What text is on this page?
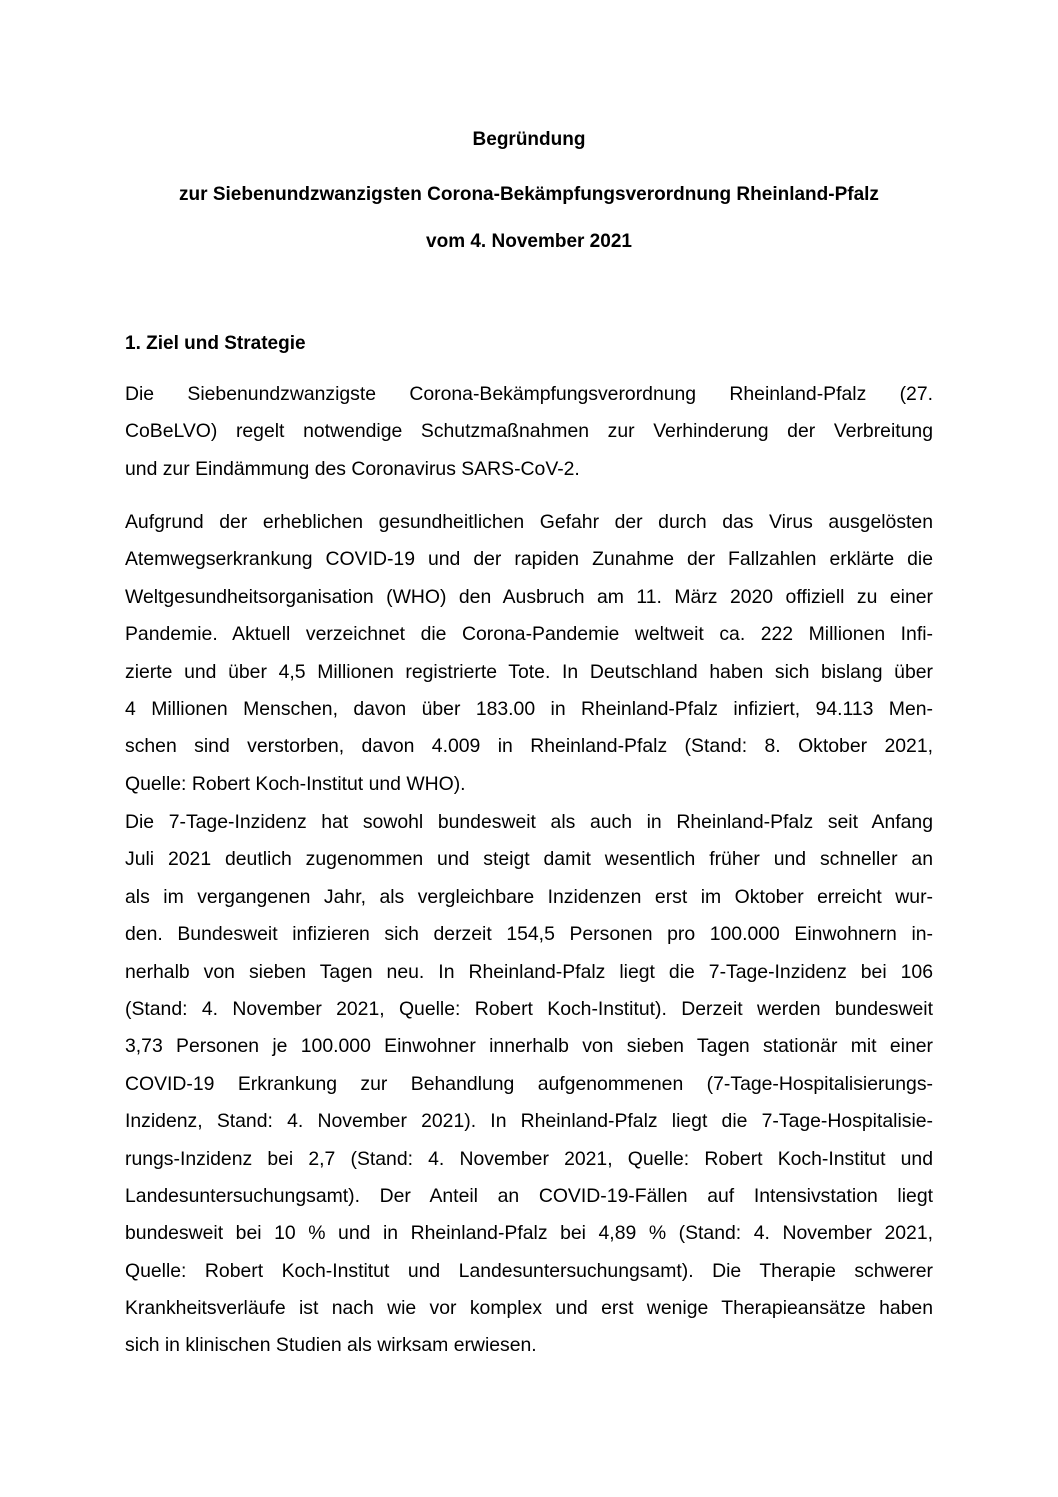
Begründung
zur Siebenundzwanzigsten Corona-Bekämpfungsverordnung Rheinland-Pfalz
vom 4. November 2021
1. Ziel und Strategie
Die Siebenundzwanzigste Corona-Bekämpfungsverordnung Rheinland-Pfalz (27.
CoBeLVO) regelt notwendige Schutzmaßnahmen zur Verhinderung der Verbreitung
und zur Eindämmung des Coronavirus SARS-CoV-2.
Aufgrund der erheblichen gesundheitlichen Gefahr der durch das Virus ausgelösten
Atemwegserkrankung COVID-19 und der rapiden Zunahme der Fallzahlen erklärte die
Weltgesundheitsorganisation (WHO) den Ausbruch am 11. März 2020 offiziell zu einer
Pandemie. Aktuell verzeichnet die Corona-Pandemie weltweit ca. 222 Millionen Infi-
zierte und über 4,5 Millionen registrierte Tote. In Deutschland haben sich bislang über
4 Millionen Menschen, davon über 183.00 in Rheinland-Pfalz infiziert, 94.113 Men-
schen sind verstorben, davon 4.009 in Rheinland-Pfalz (Stand: 8. Oktober 2021,
Quelle: Robert Koch-Institut und WHO).
Die 7-Tage-Inzidenz hat sowohl bundesweit als auch in Rheinland-Pfalz seit Anfang
Juli 2021 deutlich zugenommen und steigt damit wesentlich früher und schneller an
als im vergangenen Jahr, als vergleichbare Inzidenzen erst im Oktober erreicht wur-
den. Bundesweit infizieren sich derzeit 154,5 Personen pro 100.000 Einwohnern in-
nerhalb von sieben Tagen neu. In Rheinland-Pfalz liegt die 7-Tage-Inzidenz bei 106
(Stand: 4. November 2021, Quelle: Robert Koch-Institut). Derzeit werden bundesweit
3,73 Personen je 100.000 Einwohner innerhalb von sieben Tagen stationär mit einer
COVID-19 Erkrankung zur Behandlung aufgenommenen (7-Tage-Hospitalisierungs-
Inzidenz, Stand: 4. November 2021). In Rheinland-Pfalz liegt die 7-Tage-Hospitalisie-
rungs-Inzidenz bei 2,7 (Stand: 4. November 2021, Quelle: Robert Koch-Institut und
Landesuntersuchungsamt). Der Anteil an COVID-19-Fällen auf Intensivstation liegt
bundesweit bei 10 % und in Rheinland-Pfalz bei 4,89 % (Stand: 4. November 2021,
Quelle: Robert Koch-Institut und Landesuntersuchungsamt). Die Therapie schwerer
Krankheitsverläufe ist nach wie vor komplex und erst wenige Therapieansätze haben
sich in klinischen Studien als wirksam erwiesen.
